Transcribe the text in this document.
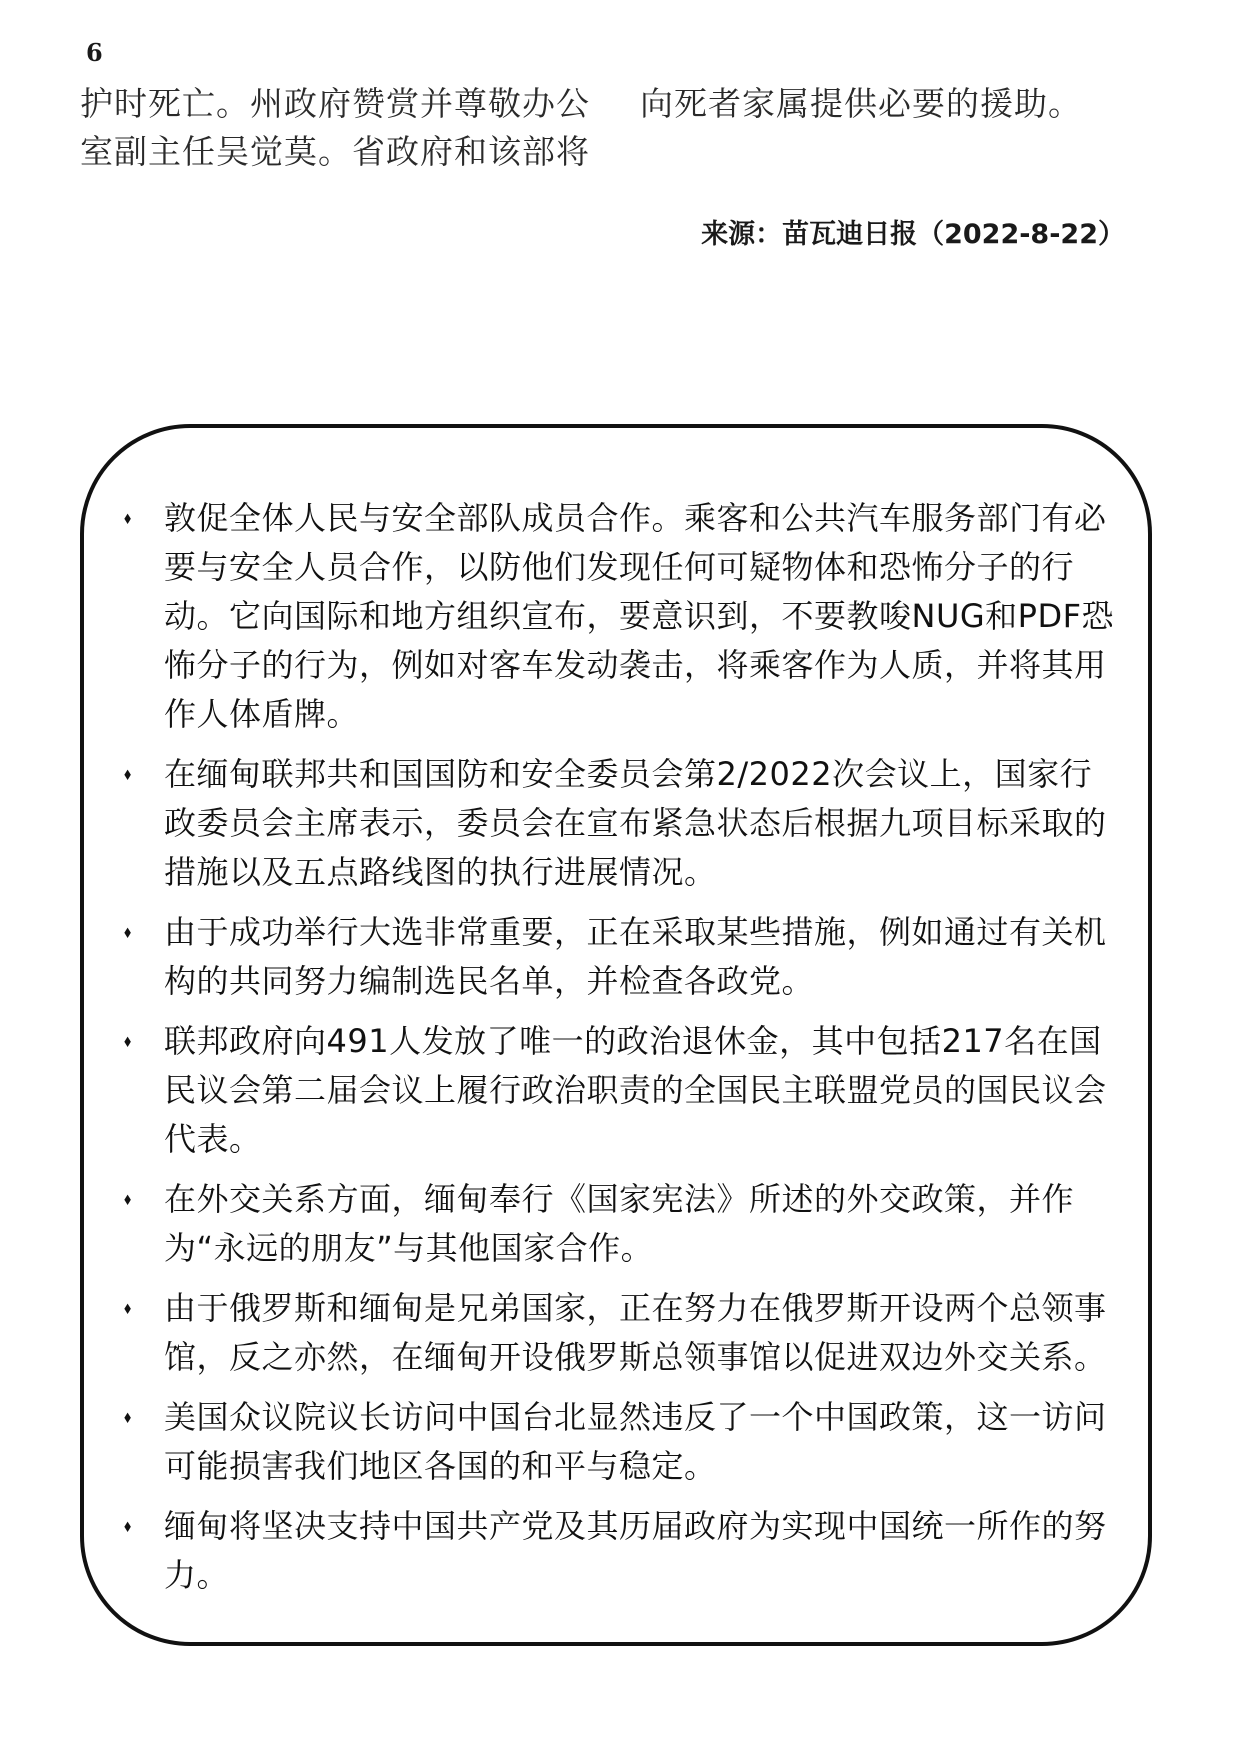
6

护时死亡。州政府赞赏并尊敬办公

室副主任吴觉莫。省政府和该部将

向死者家属提供必要的援助。

来源：苗瓦迪日报（2022-8-22）
⬧ 敦促全体人民与安全部队成员合作。乘客和公共汽车服务部门有必要与安全人员合作，以防他们发现任何可疑物体和恐怖分子的行动。它向国际和地方组织宣布，要意识到，不要教唆NUG和PDF恐怖分子的行为，例如对客车发动袭击，将乘客作为人质，并将其用作人体盾牌。
⬧ 在缅甸联邦共和国国防和安全委员会第2/2022次会议上，国家行政委员会主席表示，委员会在宣布紧急状态后根据九项目标采取的措施以及五点路线图的执行进展情况。
⬧ 由于成功举行大选非常重要，正在采取某些措施，例如通过有关机构的共同努力编制选民名单，并检查各政党。
⬧ 联邦政府向491人发放了唯一的政治退休金，其中包括217名在国民议会第二届会议上履行政治职责的全国民主联盟党员的国民议会代表。
⬧ 在外交关系方面，缅甸奉行《国家宪法》所述的外交政策，并作为“永远的朋友”与其他国家合作。
⬧ 由于俄罗斯和缅甸是兄弟国家，正在努力在俄罗斯开设两个总领事馆，反之亦然，在缅甸开设俄罗斯总领事馆以促进双边外交关系。
⬧ 美国众议院议长访问中国台北显然违反了一个中国政策，这一访问可能损害我们地区各国的和平与稳定。
⬧ 缅甸将坚决支持中国共产党及其历届政府为实现中国统一所作的努力。
